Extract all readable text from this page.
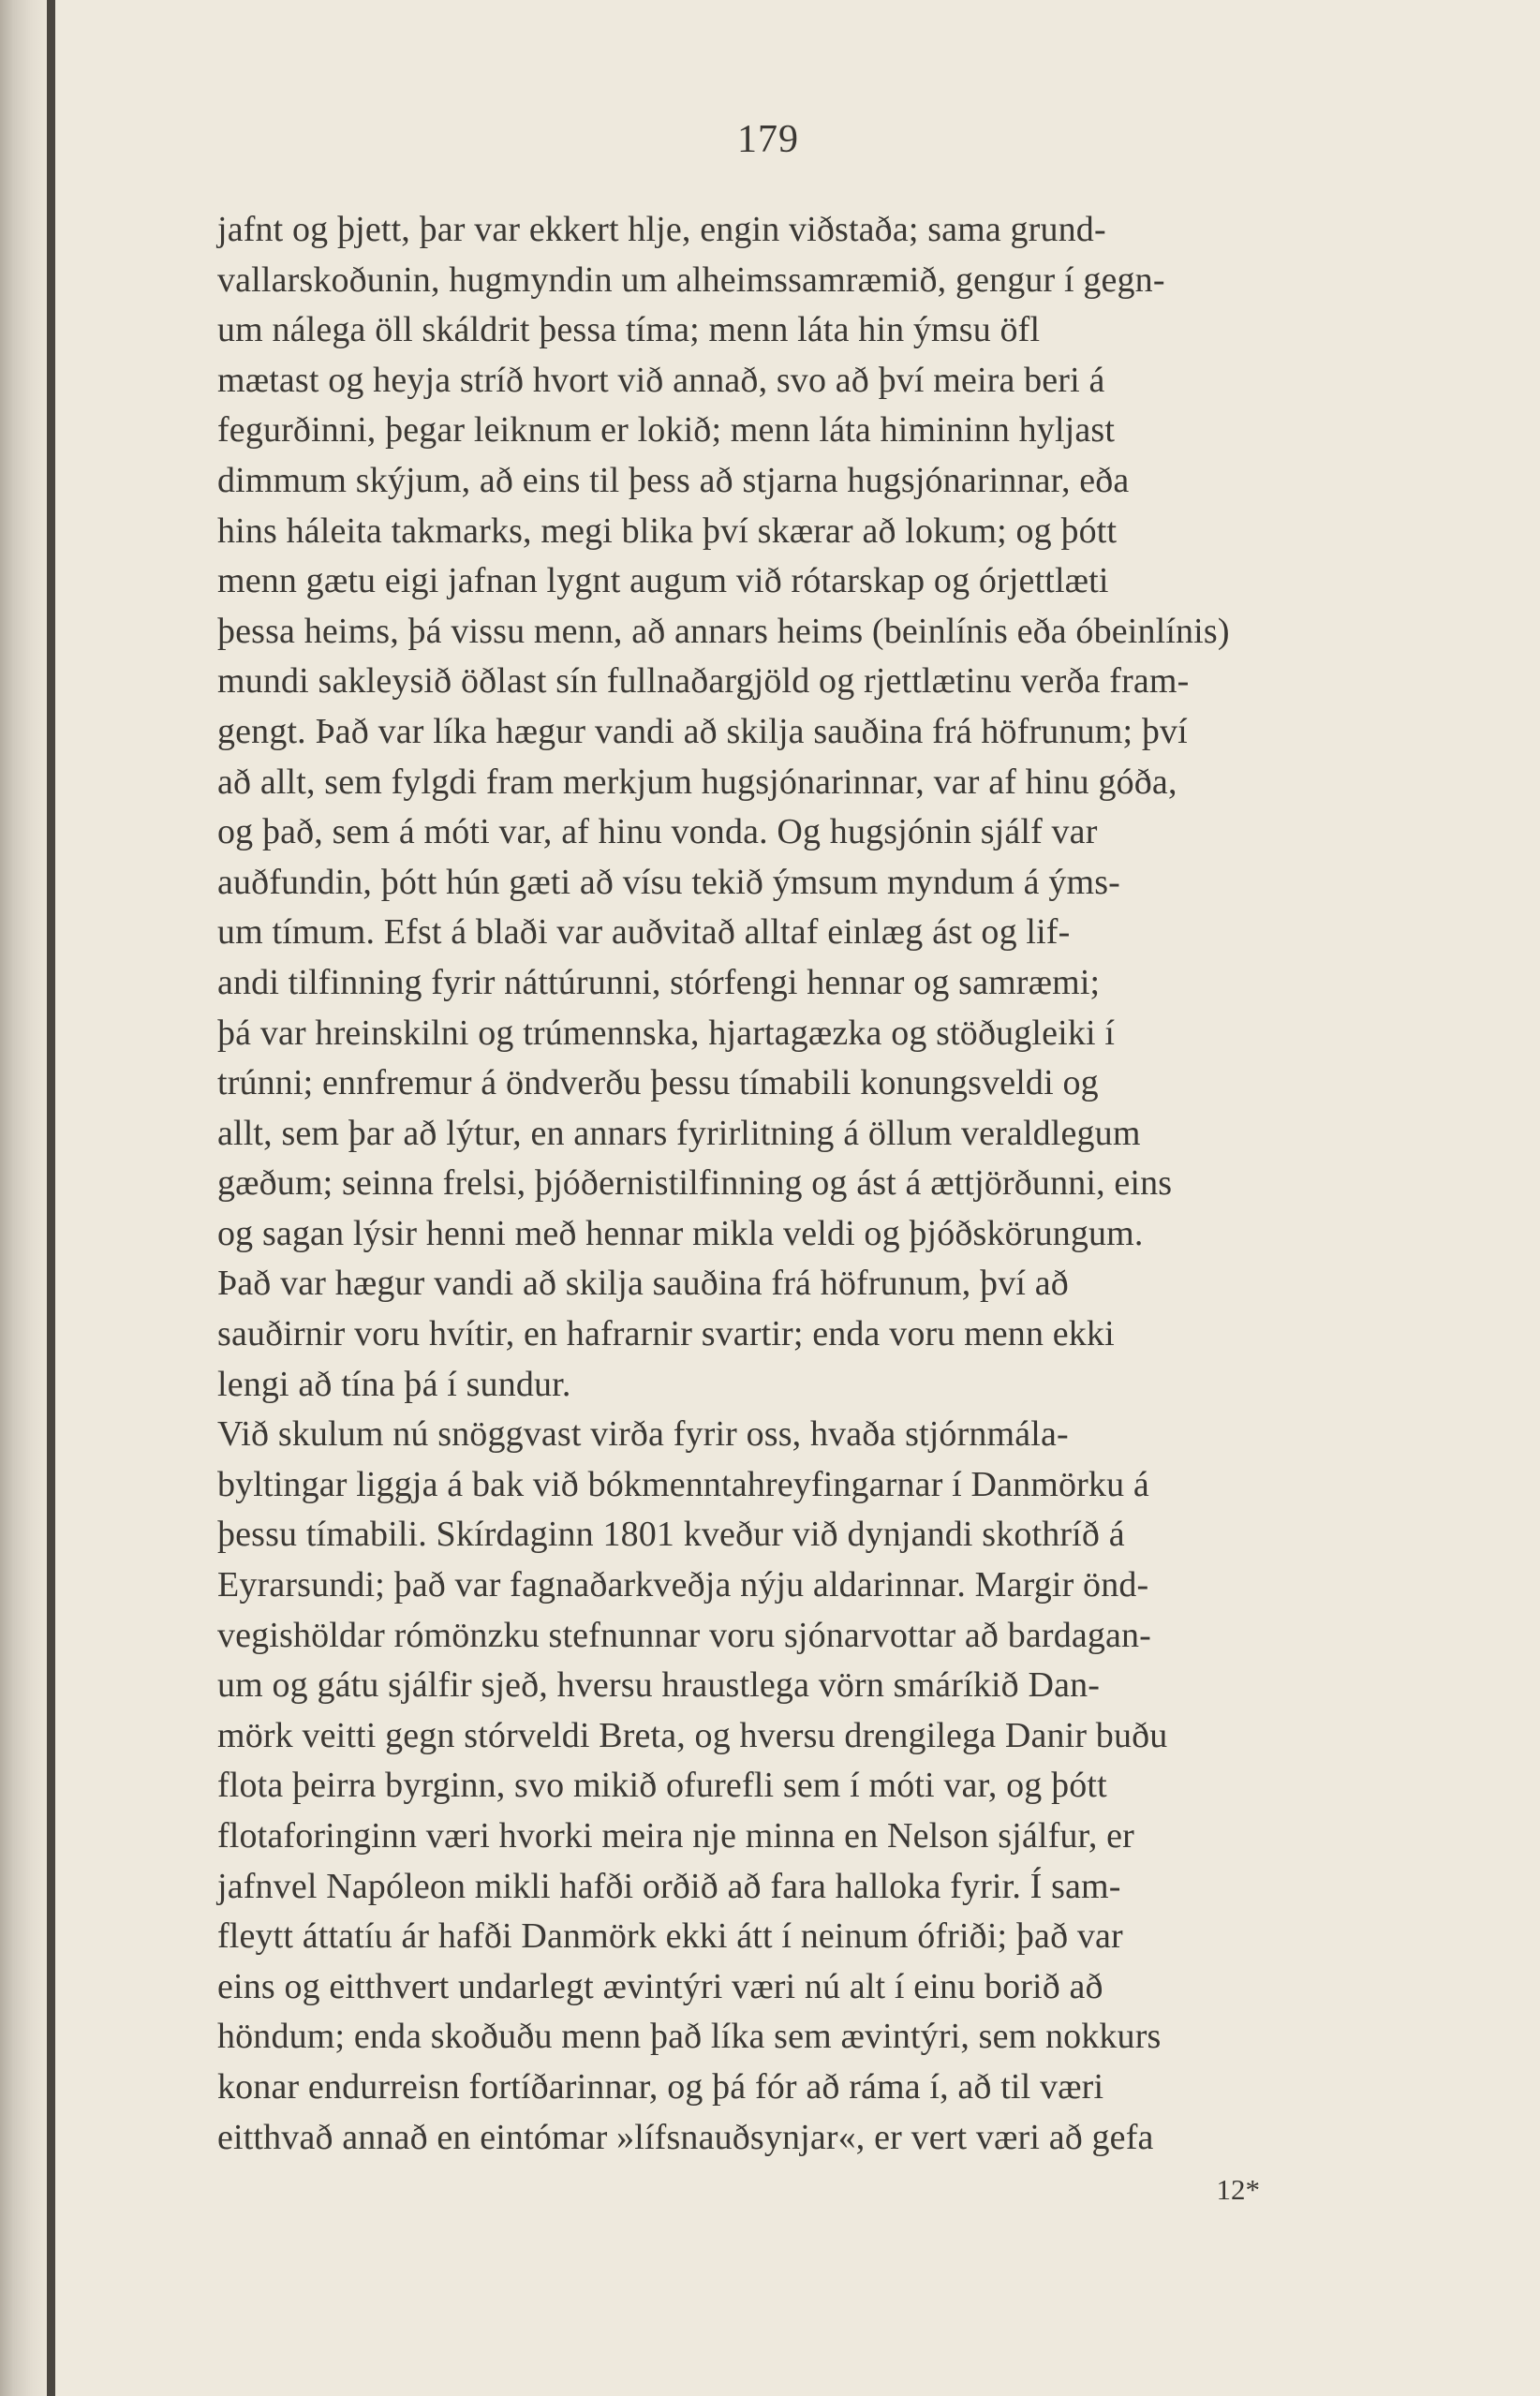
179
jafnt og þjett, þar var ekkert hlje, engin viðstaða; sama grund-
vallarskoðunin, hugmyndin um alheimssamræmið, gengur í gegn-
um nálega öll skáldrit þessa tíma; menn láta hin ýmsu öfl
mætast og heyja stríð hvort við annað, svo að því meira beri á
fegurðinni, þegar leiknum er lokið; menn láta himininn hyljast
dimmum skýjum, að eins til þess að stjarna hugsjónarinnar, eða
hins háleita takmarks, megi blika því skærar að lokum; og þótt
menn gætu eigi jafnan lygnt augum við rótarskap og órjettlæti
þessa heims, þá vissu menn, að annars heims (beinlínis eða óbeinlínis)
mundi sakleysið öðlast sín fullnaðargjöld og rjettlætinu verða fram-
gengt. Það var líka hægur vandi að skilja sauðina frá höfrunum; því
að allt, sem fylgdi fram merkjum hugsjónarinnar, var af hinu góða,
og það, sem á móti var, af hinu vonda. Og hugsjónin sjálf var
auðfundin, þótt hún gæti að vísu tekið ýmsum myndum á ýms-
um tímum. Efst á blaði var auðvitað alltaf einlæg ást og lif-
andi tilfinning fyrir náttúrunni, stórfengi hennar og samræmi;
þá var hreinskilni og trúmennska, hjartagæzka og stöðugleiki í
trúnni; ennfremur á öndverðu þessu tímabili konungsveldi og
allt, sem þar að lýtur, en annars fyrirlitning á öllum veraldlegum
gæðum; seinna frelsi, þjóðernistilfinning og ást á ættjörðunni, eins
og sagan lýsir henni með hennar mikla veldi og þjóðskörungum.
Það var hægur vandi að skilja sauðina frá höfrunum, því að
sauðirnir voru hvítir, en hafrarnir svartir; enda voru menn ekki
lengi að tína þá í sundur.
Við skulum nú snöggvast virða fyrir oss, hvaða stjórnmála-
byltingar liggja á bak við bókmenntahreyfingarnar í Danmörku á
þessu tímabili. Skírdaginn 1801 kveður við dynjandi skothríð á
Eyrarsundi; það var fagnaðarkveðja nýju aldarinnar. Margir önd-
vegishöldar rómönzku stefnunnar voru sjónarvottar að bardagan-
um og gátu sjálfir sjeð, hversu hraustlega vörn smáríkið Dan-
mörk veitti gegn stórveldi Breta, og hversu drengilega Danir buðu
flota þeirra byrginn, svo mikið ofurefli sem í móti var, og þótt
flotaforinginn væri hvorki meira nje minna en Nelson sjálfur, er
jafnvel Napóleon mikli hafði orðið að fara halloka fyrir. Í sam-
fleytt áttatíu ár hafði Danmörk ekki átt í neinum ófriði; það var
eins og eitthvert undarlegt ævintýri væri nú alt í einu borið að
höndum; enda skoðuðu menn það líka sem ævintýri, sem nokkurs
konar endurreisn fortíðarinnar, og þá fór að ráma í, að til væri
eitthvað annað en eintómar »lífsnauðsynjar«, er vert væri að gefa
12*
